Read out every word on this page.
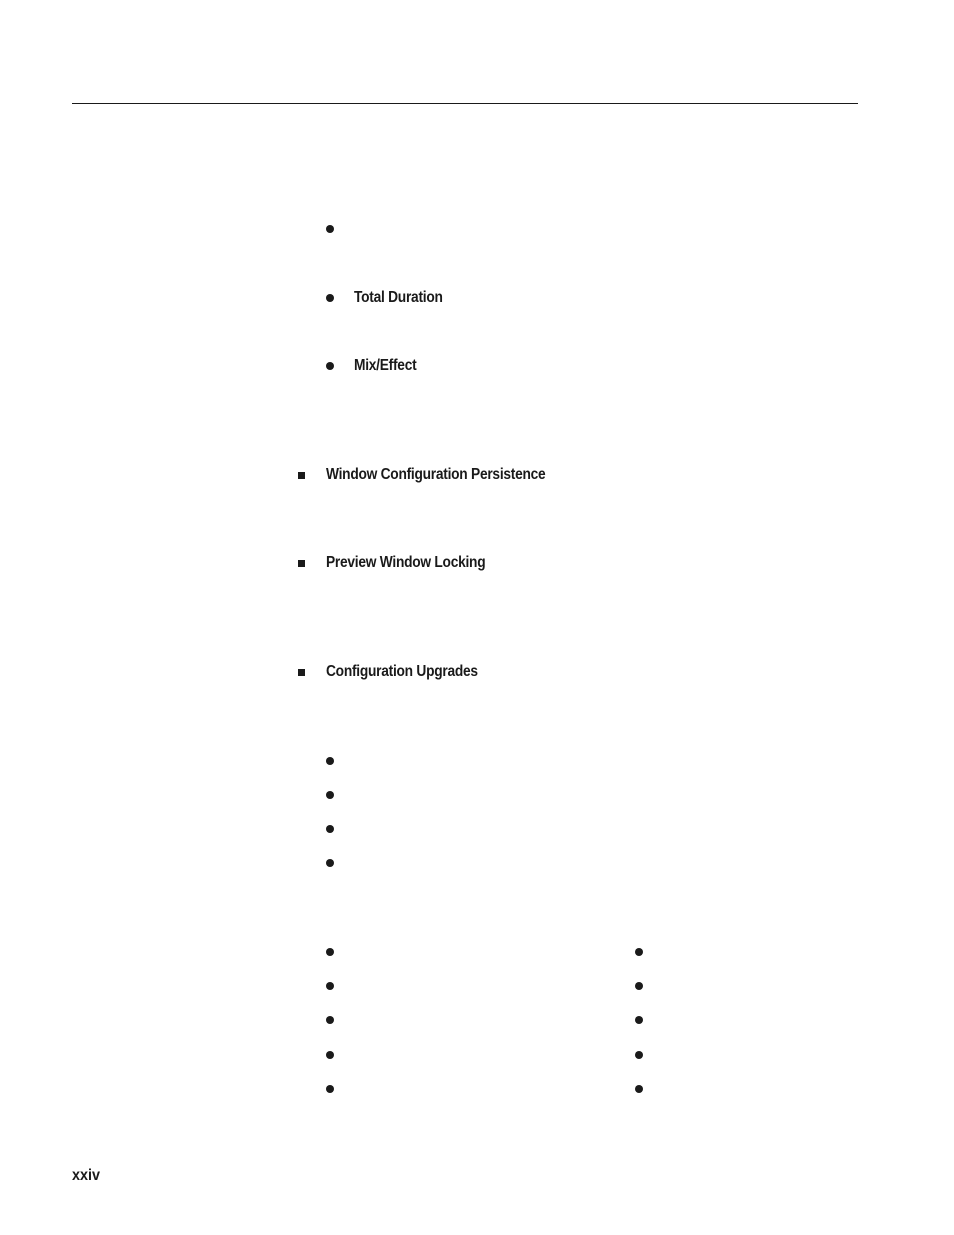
Total Duration
Mix/Effect
Window Configuration Persistence
Preview Window Locking
Configuration Upgrades
xxiv
